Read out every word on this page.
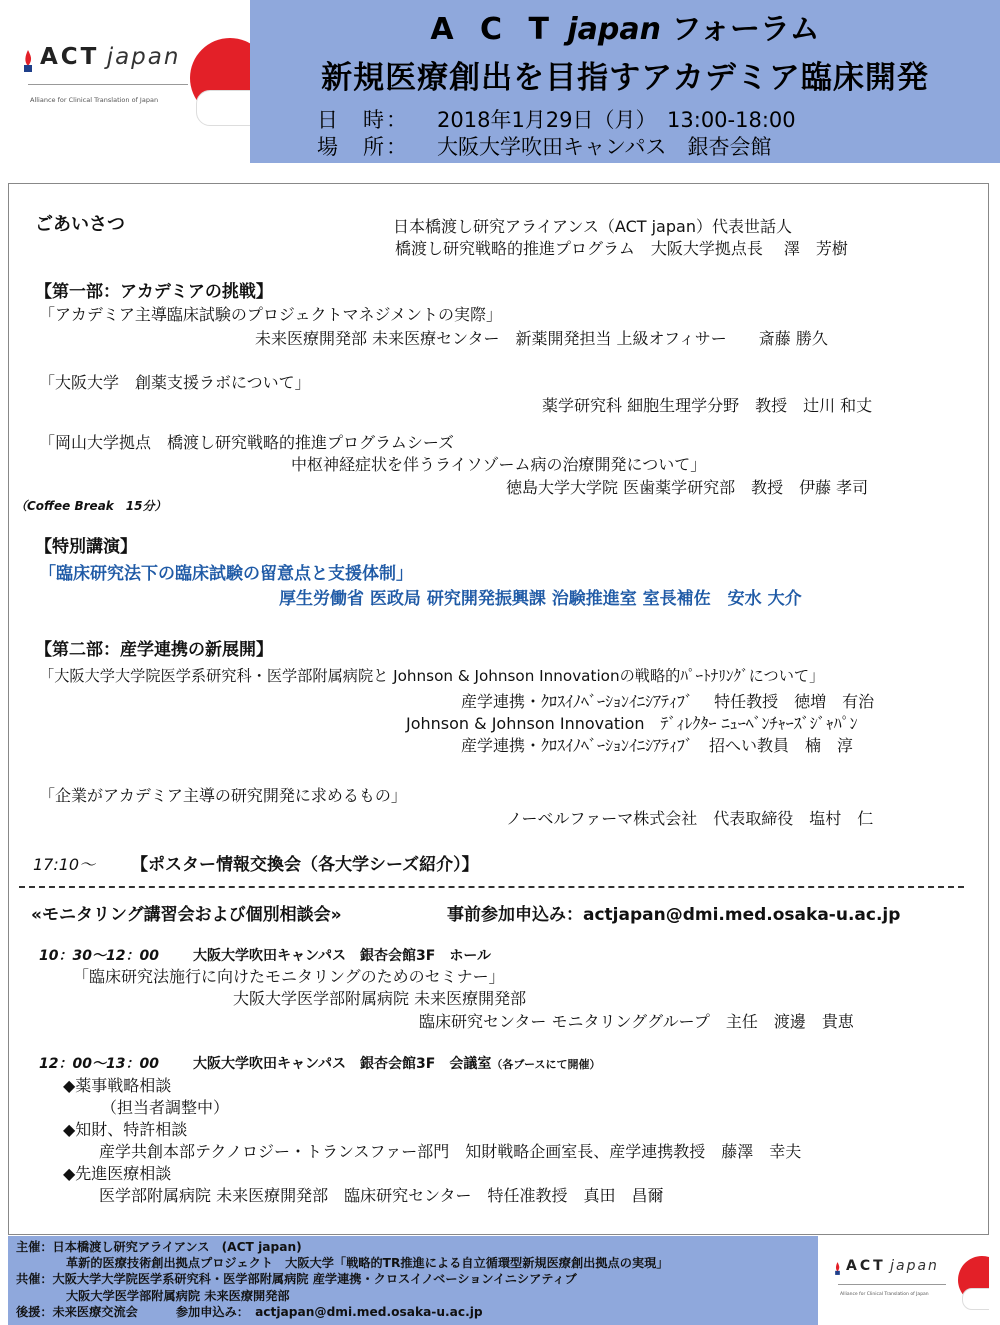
ACT japan
Alliance for Clinical Translation of Japan
A C T japan フォーラム
新規医療創出を目指すアカデミア臨床開発
日　時： 2018年1月29日（月）　13:00-18:00
場　所： 大阪大学吹田キャンパス　銀杏会館
ごあいさつ	日本橋渡し研究アライアンス（ACT japan）代表世話人
橋渡し研究戦略的推進プログラム　大阪大学拠点長　 澤　芳樹
【第一部：アカデミアの挑戦】
「アカデミア主導臨床試験のプロジェクトマネジメントの実際」
未来医療開発部 未来医療センター　新薬開発担当 上級オフィサー　　斎藤 勝久
「大阪大学　創薬支援ラボについて」
薬学研究科 細胞生理学分野　教授　辻川 和丈
「岡山大学拠点　橋渡し研究戦略的推進プログラムシーズ
中枢神経症状を伴うライソゾーム病の治療開発について」
徳島大学大学院 医歯薬学研究部　教授　伊藤 孝司
（Coffee Break　15分）
【特別講演】
「臨床研究法下の臨床試験の留意点と支援体制」
厚生労働省 医政局 研究開発振興課 治験推進室 室長補佐　安水 大介
【第二部：産学連携の新展開】
「大阪大学大学院医学系研究科・医学部附属病院と Johnson & Johnson Innovationの戦略的ﾊﾟｰﾄﾅﾘﾝｸﾞについて」
産学連携・ｸﾛｽｲﾉﾍﾞｰｼｮﾝｲﾆｼｱﾃｨﾌﾞ　 特任教授　徳増　有治
Johnson & Johnson Innovation　ﾃﾞｨﾚｸﾀｰ ﾆｭｰﾍﾞﾝﾁｬｰｽﾞｼﾞｬﾊﾟﾝ
産学連携・ｸﾛｽｲﾉﾍﾞｰｼｮﾝｲﾆｼｱﾃｨﾌﾞ　招へい教員　楠　淳
「企業がアカデミア主導の研究開発に求めるもの」
ノーベルファーマ株式会社　代表取締役　塩村　仁
17:10～ 【ポスター情報交換会（各大学シーズ紹介）】
«モニタリング講習会および個別相談会»	事前参加申込み：actjapan@dmi.med.osaka-u.ac.jp
10：30～12：00 大阪大学吹田キャンパス　銀杏会館3F　ホール
「臨床研究法施行に向けたモニタリングのためのセミナー」
大阪大学医学部附属病院 未来医療開発部
臨床研究センター モニタリンググループ　主任　渡邊　貴恵
12：00～13：00 大阪大学吹田キャンパス　銀杏会館3F　会議室（各ブースにて開催）
◆薬事戦略相談
（担当者調整中）
◆知財、特許相談
産学共創本部テクノロジー・トランスファー部門　知財戦略企画室長、産学連携教授　藤澤　幸夫
◆先進医療相談
医学部附属病院 未来医療開発部　臨床研究センター　特任准教授　真田　昌爾
主催：日本橋渡し研究アライアンス　(ACT japan)
革新的医療技術創出拠点プロジェクト　大阪大学「戦略的TR推進による自立循環型新規医療創出拠点の実現」
共催：大阪大学大学院医学系研究科・医学部附属病院 産学連携・クロスイノベーションイニシアティブ
大阪大学医学部附属病院 未来医療開発部
後援：未来医療交流会	参加申込み：　actjapan@dmi.med.osaka-u.ac.jp
ACT japan
Alliance for Clinical Translation of Japan
